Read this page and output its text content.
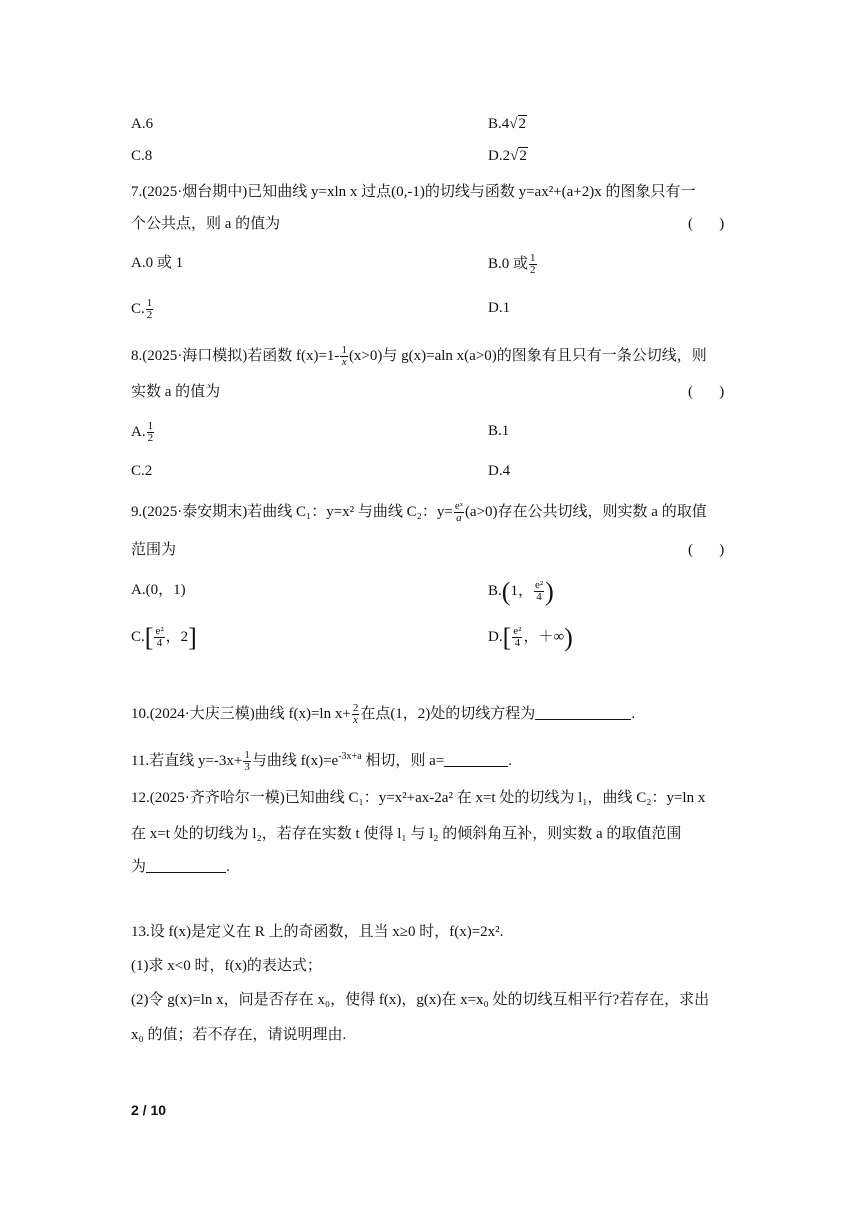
A.6	B.4√2
C.8	D.2√2
7.(2025·烟台期中)已知曲线 y=xln x 过点(0,-1)的切线与函数 y=ax²+(a+2)x 的图象只有一
个公共点，则 a 的值为	(       )
A.0 或 1	B.0 或 $\frac{1}{2}$
C. $\frac{1}{2}$	D.1
8.(2025·海口模拟)若函数 $f(x)=1- \frac{1}{x} (x>0)$与 g(x)=aln x(a>0)的图象有且只有一条公切线，则
实数 a 的值为	(       )
A. $\frac{1}{2}$	B.1
C.2	D.4
9.(2025·泰安期末)若曲线 C₁：y=x² 与曲线 C₂：$y= \frac{\text{eˣ}}{a} (a>0)$存在公共切线，则实数 a 的取值
范围为	(       )
A.(0，1)	B.(1， $\frac{\text{e²}}{4}$ )
$C.[ \frac{\text{e²}}{4}$ ，2]	$D.[ \frac{\text{e²}}{4}$ ，＋∞)
10.(2024·大庆三模)曲线 f(x)=ln $x+ \frac{2}{x}$ 在点(1，2)处的切线方程为	.
11.若直线 $y=-3x+ \frac{1}{3}$ 与曲线 $f(x)=e^{-3x+a}$ 相切，则 a=	.
12.(2025·齐齐哈尔一模)已知曲线 C₁：y=x²+ax-2a² 在 x=t 处的切线为 l₁，曲线 C₂：y=ln x
在 x=t 处的切线为 l₂，若存在实数 t 使得 l₁ 与 l₂ 的倾斜角互补，则实数 a 的取值范围
为	.
13.设 f(x)是定义在 R 上的奇函数，且当 x≥0 时，f(x)=2x².
(1)求 x<0 时，f(x)的表达式；
(2)令 g(x)=ln x，问是否存在 x₀，使得 f(x)，g(x)在 x=x₀ 处的切线互相平行?若存在，求出
x₀ 的值；若不存在，请说明理由.
2 / 10
